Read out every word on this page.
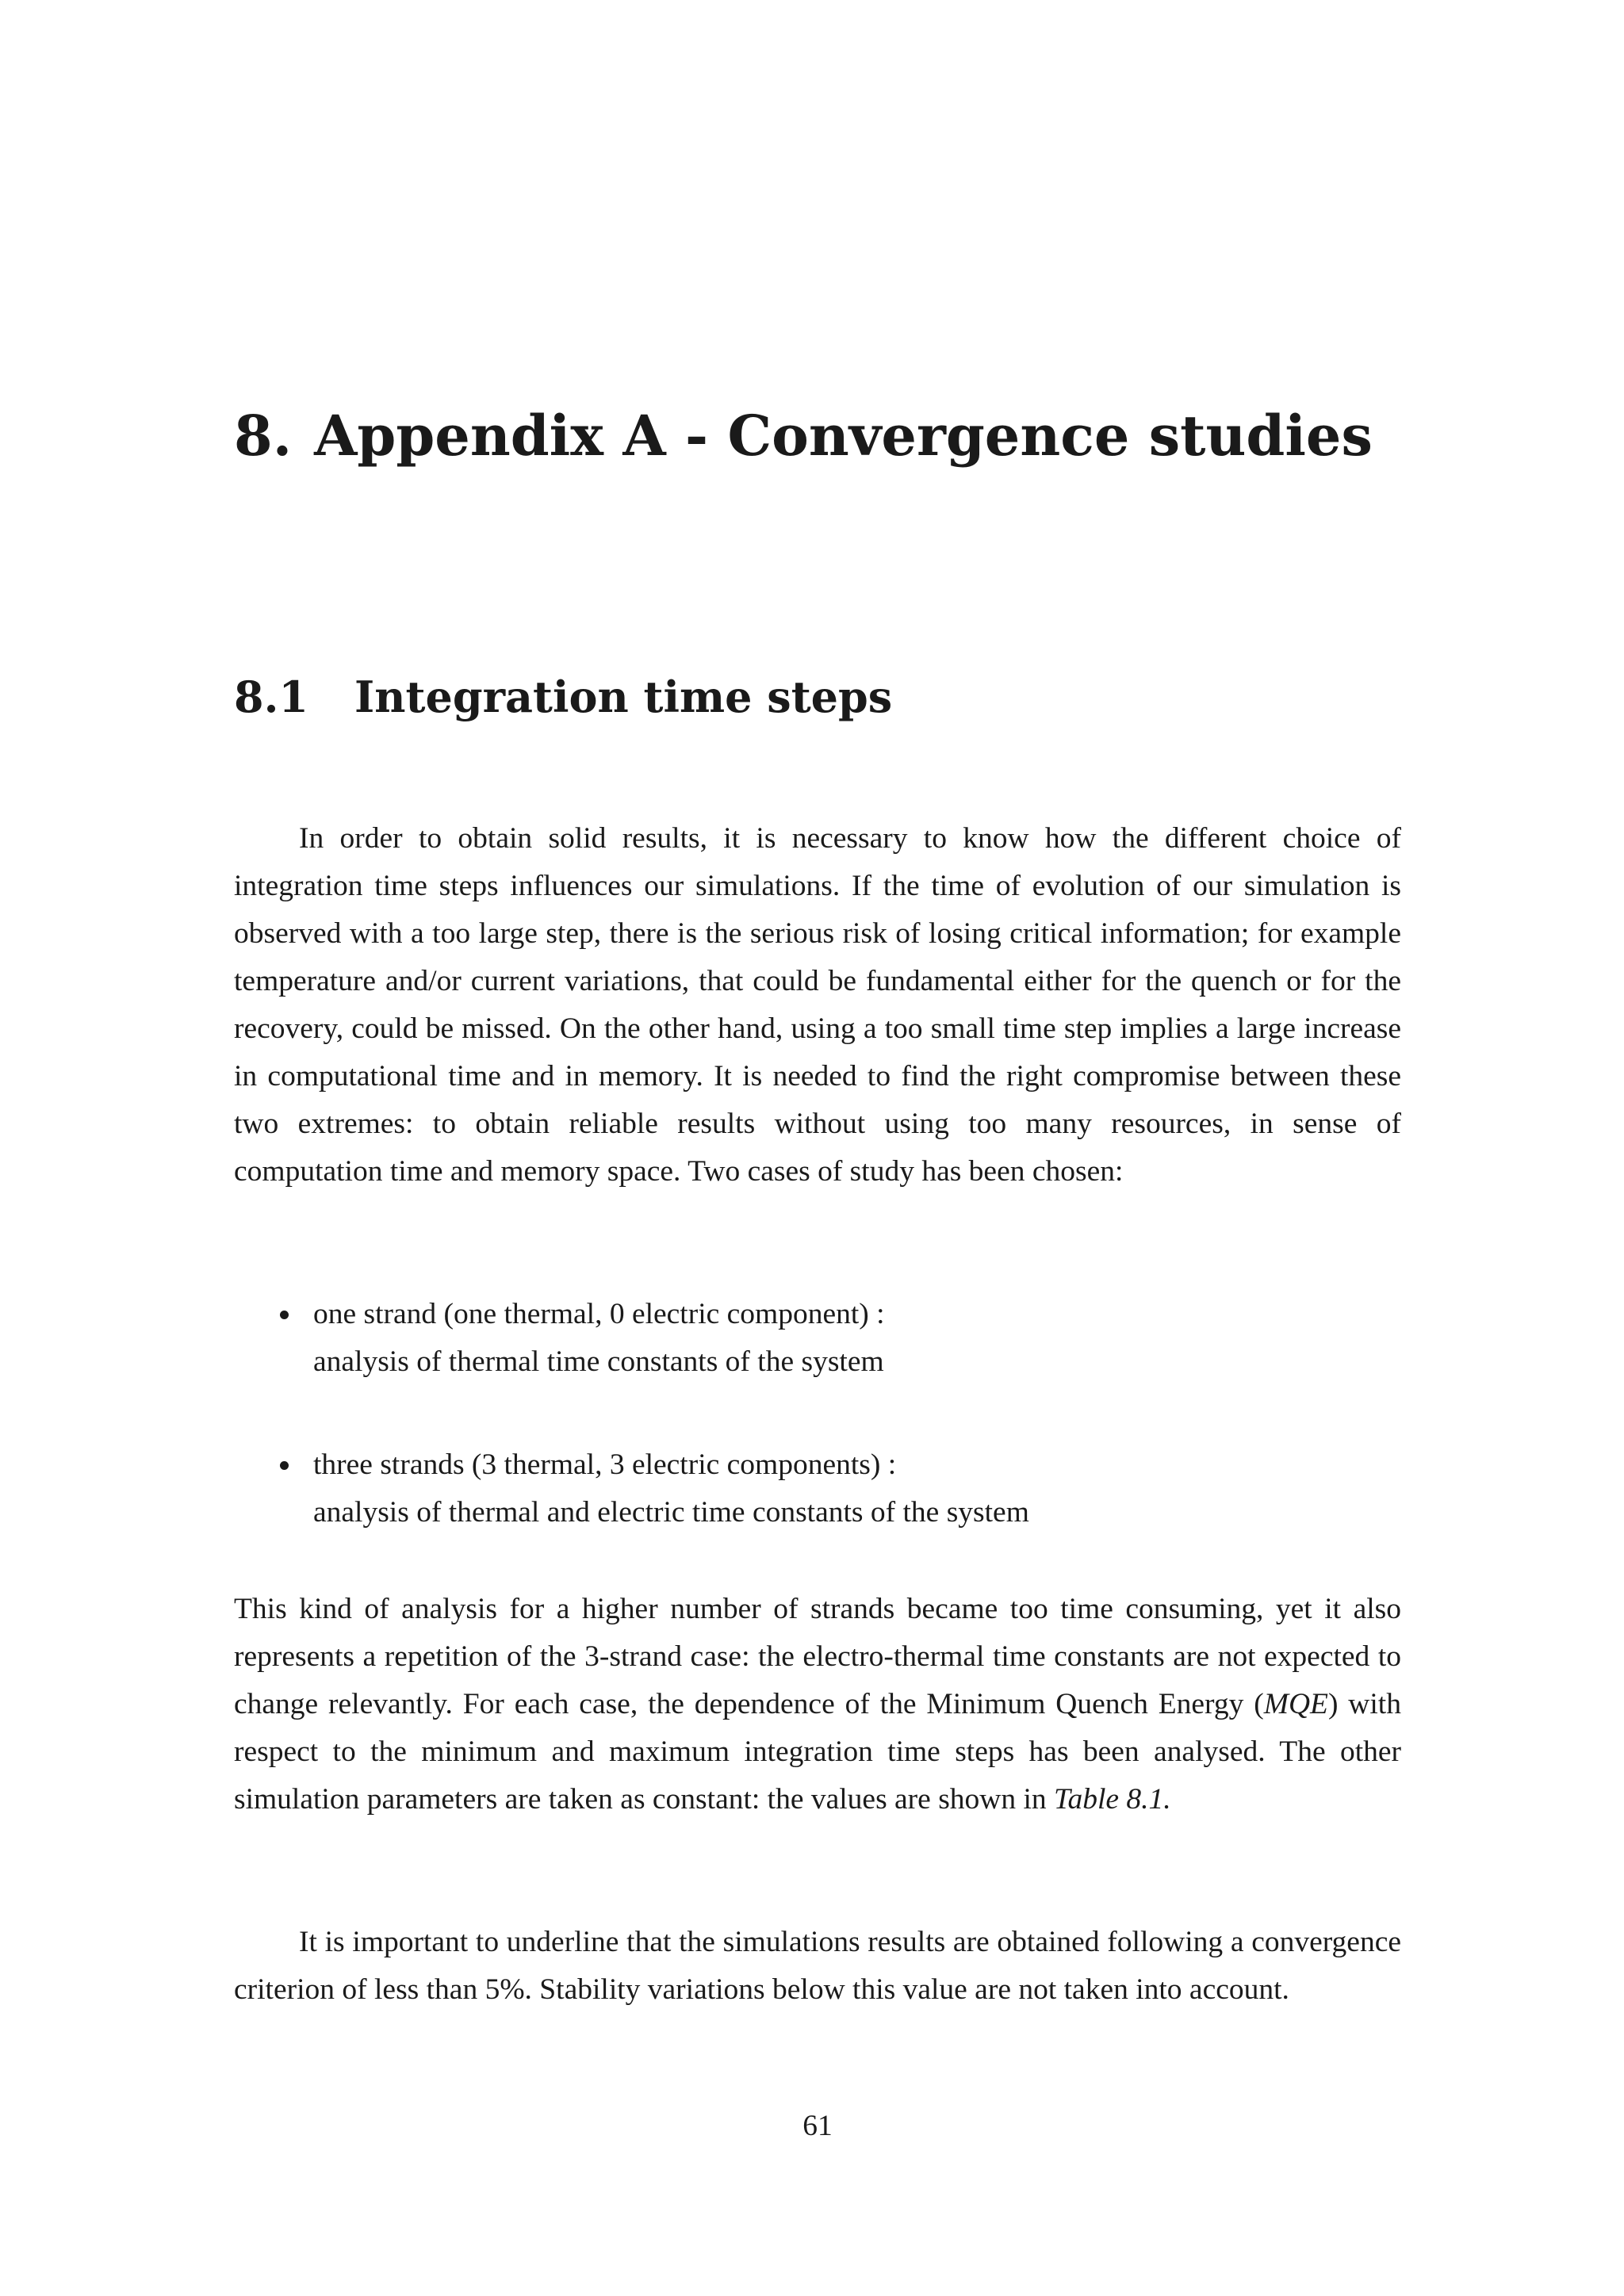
8. Appendix A - Convergence studies
8.1 Integration time steps

In order to obtain solid results, it is necessary to know how the different choice of integration time steps influences our simulations. If the time of evolution of our simulation is observed with a too large step, there is the serious risk of losing critical information; for example temperature and/or current variations, that could be fundamental either for the quench or for the recovery, could be missed. On the other hand, using a too small time step implies a large increase in computational time and in memory. It is needed to find the right compromise between these two extremes: to obtain reliable results without using too many resources, in sense of computation time and memory space. Two cases of study has been chosen:

one strand (one thermal, 0 electric component) :
analysis of thermal time constants of the system
three strands (3 thermal, 3 electric components) :
analysis of thermal and electric time constants of the system

This kind of analysis for a higher number of strands became too time consuming, yet it also represents a repetition of the 3-strand case: the electro-thermal time constants are not expected to change relevantly. For each case, the dependence of the Minimum Quench Energy (MQE) with respect to the minimum and maximum integration time steps has been analysed. The other simulation parameters are taken as constant: the values are shown in Table 8.1.

It is important to underline that the simulations results are obtained following a convergence criterion of less than 5%. Stability variations below this value are not taken into account.

61
